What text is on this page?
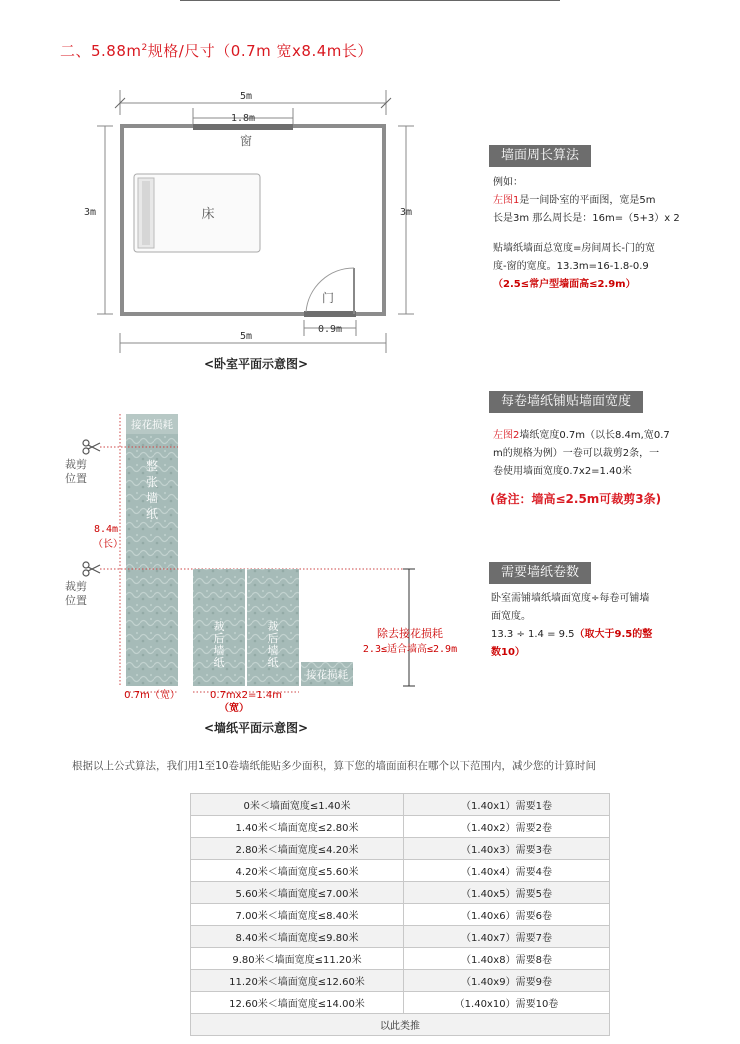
二、$5.88m^2$规格/尺寸（0.7m 宽x8.4m长）
5m
1.8m
窗
床
门
3m	3m
0.9m
5m
<卧室平面示意图>
接花损耗
整
张
墙
纸
裁剪
位置
裁剪
位置
8.4m
（长）
裁
后
墙
纸
裁
后
墙
纸
接花损耗
除去接花损耗
2.3≤适合墙高≤2.9m
0.7m（宽）	0.7mx2=1.4m
（宽）
<墙纸平面示意图>
墙面周长算法
例如：
左图1是一间卧室的平面图，宽是5m
长是3m 那么周长是：16m=（5+3）x 2
贴墙纸墙面总宽度=房间周长-门的宽
度-窗的宽度。13.3m=16-1.8-0.9
（2.5≤常户型墙面高≤2.9m）
每卷墙纸铺贴墙面宽度
左图2墙纸宽度0.7m（以长8.4m,宽0.7
m的规格为例）一卷可以裁剪2条，一
卷使用墙面宽度0.7x2=1.40米
(备注：墙高≤2.5m可裁剪3条)
需要墙纸卷数
卧室需铺墙纸墙面宽度÷每卷可铺墙
面宽度。
13.3 ÷ 1.4 = 9.5（取大于9.5的整
数10）
根据以上公式算法，我们用1至10卷墙纸能贴多少面积，算下您的墙面面积在哪个以下范围内，减少您的计算时间
0米＜墙面宽度≤1.40米	（1.40x1）需要1卷
1.40米＜墙面宽度≤2.80米	（1.40x2）需要2卷
2.80米＜墙面宽度≤4.20米	（1.40x3）需要3卷
4.20米＜墙面宽度≤5.60米	（1.40x4）需要4卷
5.60米＜墙面宽度≤7.00米	（1.40x5）需要5卷
7.00米＜墙面宽度≤8.40米	（1.40x6）需要6卷
8.40米＜墙面宽度≤9.80米	（1.40x7）需要7卷
9.80米＜墙面宽度≤11.20米	（1.40x8）需要8卷
11.20米＜墙面宽度≤12.60米	（1.40x9）需要9卷
12.60米＜墙面宽度≤14.00米	（1.40x10）需要10卷
以此类推	
